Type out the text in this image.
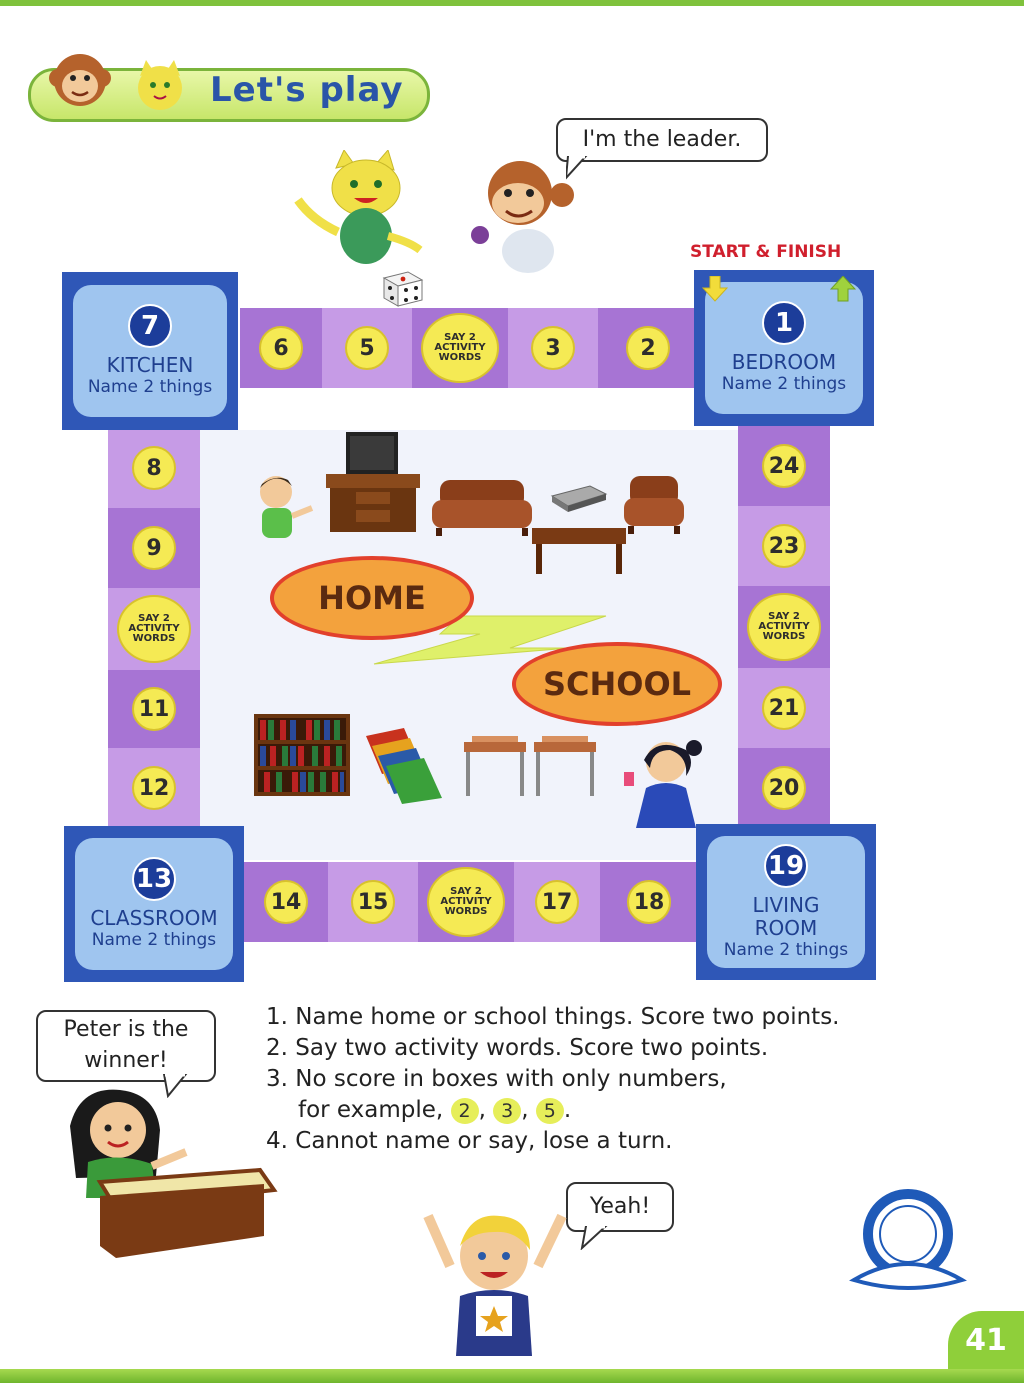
Let's play
I'm the leader.
START & FINISH
6	5	SAY 2
ACTIVITY
WORDS	3	2
14	15	SAY 2
ACTIVITY
WORDS	17	18
8
9
SAY 2
ACTIVITY
WORDS
11
12
24
23
SAY 2
ACTIVITY
WORDS
21
20
7
KITCHEN
Name 2 things
1
BEDROOM
Name 2 things
13
CLASSROOM
Name 2 things
19
LIVING ROOM
Name 2 things
HOME
SCHOOL
1. Name home or school things. Score two points.
2. Say two activity words. Score two points.
3. No score in boxes with only numbers,
for example, 2 , 3 , 5 .
4. Cannot name or say, lose a turn.
Peter is the winner!
Yeah!
41
